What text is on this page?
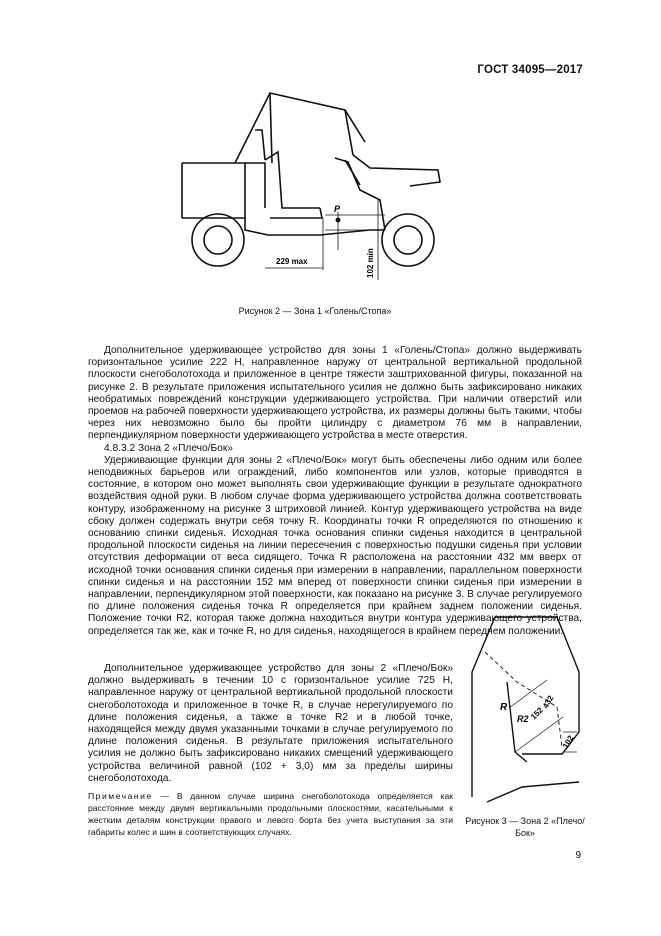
ГОСТ 34095—2017
P
229 max	102 min
Рисунок 2 — Зона 1 «Голень/Стопа»

Дополнительное удерживающее устройство для зоны 1 «Голень/Стопа» должно выдерживать горизонтальное усилие 222 Н, направленное наружу от центральной вертикальной продольной плоскости снегоболотохода и приложенное в центре тяжести заштрихованной фигуры, показанной на рисунке 2. В результате приложения испытательного усилия не должно быть зафиксировано никаких необратимых повреждений конструкции удерживающего устройства. При наличии отверстий или проемов на рабочей поверхности удерживающего устройства, их размеры должны быть такими, чтобы через них невозможно было бы пройти цилиндру с диаметром 76 мм в направлении, перпендикулярном поверхности удерживающего устройства в месте отверстия.

4.8.3.2 Зона 2 «Плечо/Бок»

Удерживающие функции для зоны 2 «Плечо/Бок» могут быть обеспечены либо одним или более неподвижных барьеров или ограждений, либо компонентов или узлов, которые приводятся в состояние, в котором оно может выполнять свои удерживающие функции в результате однократного воздействия одной руки. В любом случае форма удерживающего устройства должна соответствовать контуру, изображенному на рисунке 3 штриховой линией. Контур удерживающего устройства на виде сбоку должен содержать внутри себя точку R. Координаты точки R определяются по отношению к основанию спинки сиденья. Исходная точка основания спинки сиденья находится в центральной продольной плоскости сиденья на линии пересечения с поверхностью подушки сиденья при условии отсутствия деформации от веса сидящего. Точка R расположена на расстоянии 432 мм вверх от исходной точки основания спинки сиденья при измерении в направлении, параллельном поверхности спинки сиденья и на расстоянии 152 мм вперед от поверхности спинки сиденья при измерении в направлении, перпендикулярном этой поверхности, как показано на рисунке 3. В случае регулируемого по длине положения сиденья точка R определяется при крайнем заднем положении сиденья. Положение точки R2, которая также должна находиться внутри контура удерживающего устройства, определяется так же, как и точке R, но для сиденья, находящегося в крайнем переднем положении.

Дополнительное удерживающее устройство для зоны 2 «Плечо/Бок» должно выдерживать в течении 10 с горизонтальное усилие 725 Н, направленное наружу от центральной вертикальной продольной плоскости снегоболотохода и приложенное в точке R, в случае нерегулируемого по длине положения сиденья, а также в точке R2 и в любой точке, находящейся между двумя указанными точками в случае регулируемого по длине положения сиденья. В результате приложения испытательного усилия не должно быть зафиксировано никаких смещений удерживающего устройства величиной равной (102 + 3,0) мм за пределы ширины снегоболотохода.

R
R2
432
152
102
Рисунок 3 — Зона 2 «Плечо/Бок»
Примечание — В данном случае ширина снегоболотохода определяется как расстояние между двумя вертикальными продольными плоскостями, касательными к жестким деталям конструкции правого и левого борта без учета выступания за эти габариты колес и шин в соответствующих случаях.
9
